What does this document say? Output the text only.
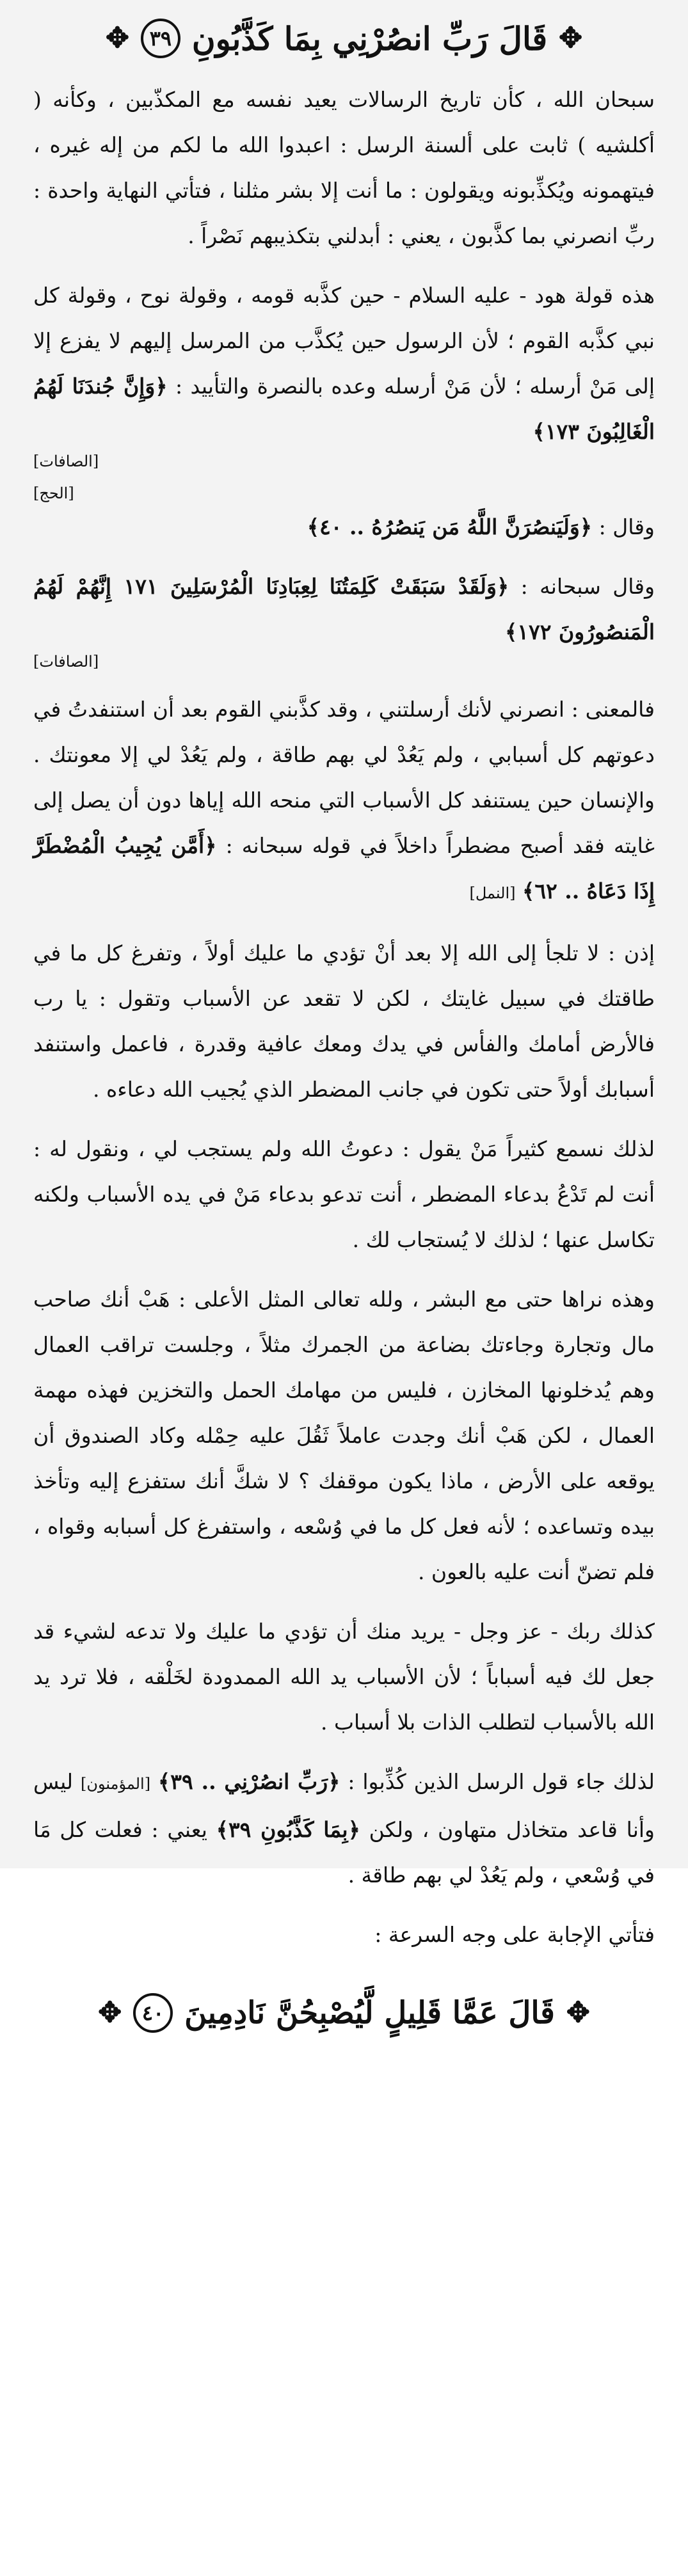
✥
قَالَ رَبِّ انصُرْنِي بِمَا كَذَّبُونِ
٣٩
✥

سبحان الله ، كأن تاريخ الرسالات يعيد نفسه مع المكذّبين ، وكأنه ( أكلشيه ) ثابت على ألسنة الرسل : اعبدوا الله ما لكم من إله غيره ، فيتهمونه ويُكذِّبونه ويقولون : ما أنت إلا بشر مثلنا ، فتأتي النهاية واحدة : ربِّ انصرني بما كذَّبون ، يعني : أبدلني بتكذيبهم نَصْراً .

هذه قولة هود - عليه السلام - حين كذَّبه قومه ، وقولة نوح ، وقولة كل نبي كذَّبه القوم ؛ لأن الرسول حين يُكذَّب من المرسل إليهم لا يفزع إلا إلى مَنْ أرسله ؛ لأن مَنْ أرسله وعده بالنصرة والتأييد : ﴿وَإِنَّ جُندَنَا لَهُمُ الْغَالِبُونَ ١٧٣﴾
[الصافات]

[الحج]
وقال : ﴿وَلَيَنصُرَنَّ اللَّهُ مَن يَنصُرُهُ .. ٤٠﴾

وقال سبحانه : ﴿وَلَقَدْ سَبَقَتْ كَلِمَتُنَا لِعِبَادِنَا الْمُرْسَلِينَ ١٧١ إِنَّهُمْ لَهُمُ الْمَنصُورُونَ ١٧٢﴾
[الصافات]

فالمعنى : انصرني لأنك أرسلتني ، وقد كذَّبني القوم بعد أن استنفدتُ في دعوتهم كل أسبابي ، ولم يَعُدْ لي بهم طاقة ، ولم يَعُدْ لي إلا معونتك . والإنسان حين يستنفد كل الأسباب التي منحه الله إياها دون أن يصل إلى غايته فقد أصبح مضطراً داخلاً في قوله سبحانه : ﴿أَمَّن يُجِيبُ الْمُضْطَرَّ إِذَا دَعَاهُ .. ٦٢﴾ [النمل]

إذن : لا تلجأ إلى الله إلا بعد أنْ تؤدي ما عليك أولاً ، وتفرغ كل ما في طاقتك في سبيل غايتك ، لكن لا تقعد عن الأسباب وتقول : يا رب فالأرض أمامك والفأس في يدك ومعك عافية وقدرة ، فاعمل واستنفد أسبابك أولاً حتى تكون في جانب المضطر الذي يُجيب الله دعاءه .

لذلك نسمع كثيراً مَنْ يقول : دعوتُ الله ولم يستجب لي ، ونقول له : أنت لم تَدْعُ بدعاء المضطر ، أنت تدعو بدعاء مَنْ في يده الأسباب ولكنه تكاسل عنها ؛ لذلك لا يُستجاب لك .

وهذه نراها حتى مع البشر ، ولله تعالى المثل الأعلى : هَبْ أنك صاحب مال وتجارة وجاءتك بضاعة من الجمرك مثلاً ، وجلست تراقب العمال وهم يُدخلونها المخازن ، فليس من مهامك الحمل والتخزين فهذه مهمة العمال ، لكن هَبْ أنك وجدت عاملاً ثَقُلَ عليه حِمْله وكاد الصندوق أن يوقعه على الأرض ، ماذا يكون موقفك ؟ لا شكَّ أنك ستفزع إليه وتأخذ بيده وتساعده ؛ لأنه فعل كل ما في وُسْعه ، واستفرغ كل أسبابه وقواه ، فلم تضنّ أنت عليه بالعون .

كذلك ربك - عز وجل - يريد منك أن تؤدي ما عليك ولا تدعه لشيء قد جعل لك فيه أسباباً ؛ لأن الأسباب يد الله الممدودة لخَلْقه ، فلا ترد يد الله بالأسباب لتطلب الذات بلا أسباب .

لذلك جاء قول الرسل الذين كُذِّبوا : ﴿رَبِّ انصُرْنِي .. ٣٩﴾ [المؤمنون] ليس وأنا قاعد متخاذل متهاون ، ولكن ﴿بِمَا كَذَّبُونِ ٣٩﴾ يعني : فعلت كل مَا في وُسْعي ، ولم يَعُدْ لي بهم طاقة .

فتأتي الإجابة على وجه السرعة :

✥
قَالَ عَمَّا قَلِيلٍ لَّيُصْبِحُنَّ نَادِمِينَ
٤٠
✥
